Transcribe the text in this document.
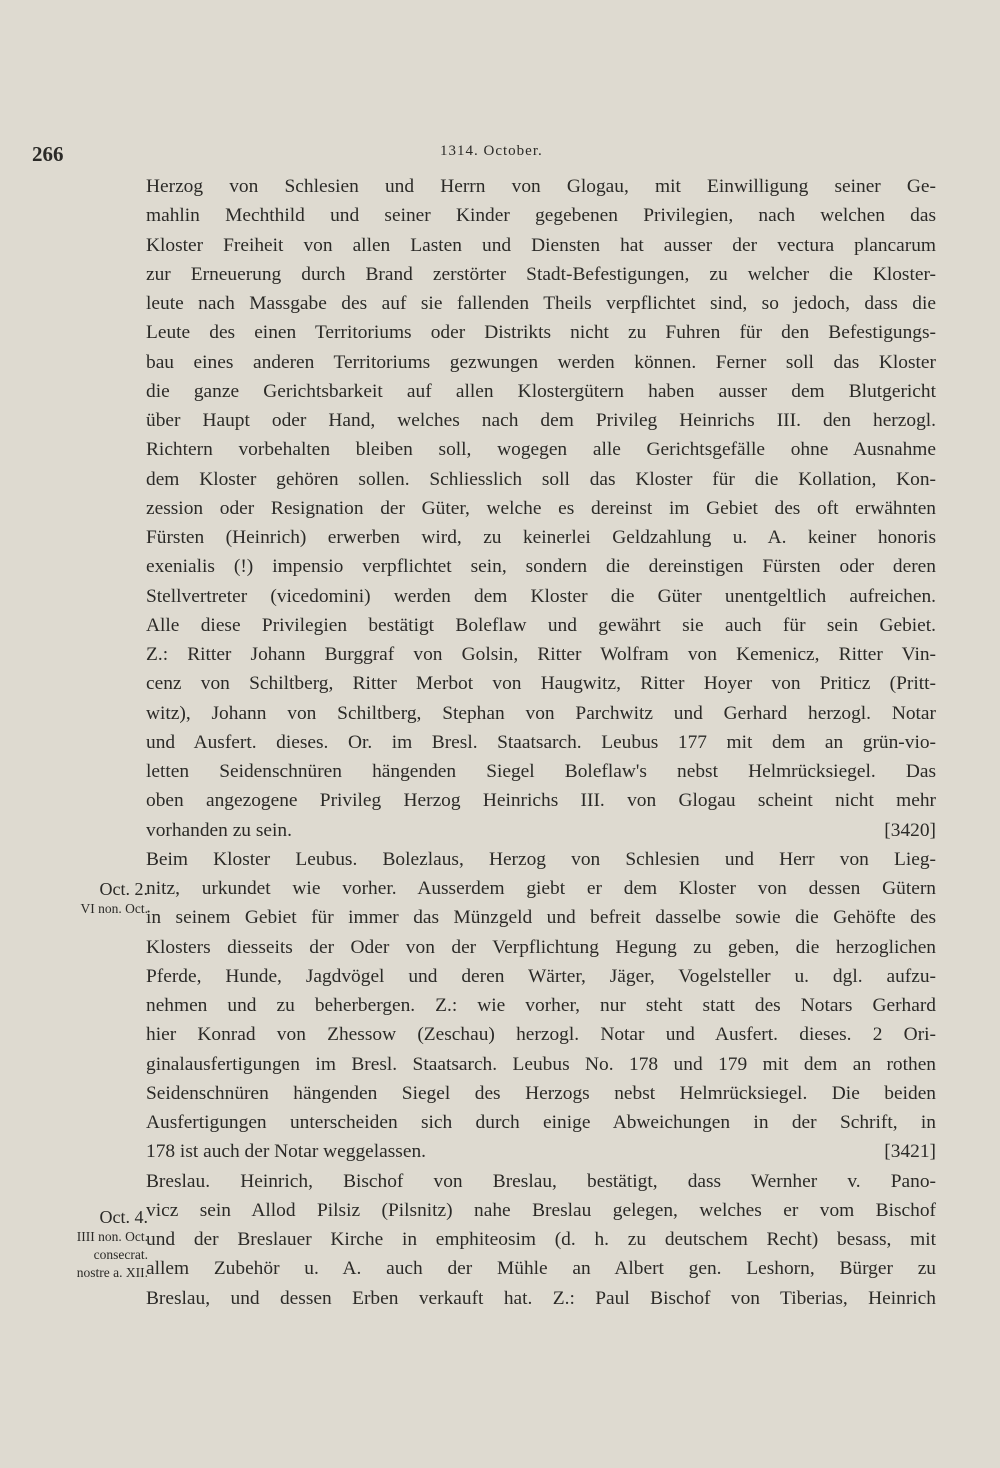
266	1314. October.
Oct. 2.
VI non. Oct.
Oct. 4.
IIII non. Oct.
consecrat.
nostre a. XII.
Herzog von Schlesien und Herrn von Glogau, mit Einwilligung seiner Ge-
mahlin Mechthild und seiner Kinder gegebenen Privilegien, nach welchen das
Kloster Freiheit von allen Lasten und Diensten hat ausser der vectura plancarum
zur Erneuerung durch Brand zerstörter Stadt-Befestigungen, zu welcher die Kloster-
leute nach Massgabe des auf sie fallenden Theils verpflichtet sind, so jedoch, dass die
Leute des einen Territoriums oder Distrikts nicht zu Fuhren für den Befestigungs-
bau eines anderen Territoriums gezwungen werden können. Ferner soll das Kloster
die ganze Gerichtsbarkeit auf allen Klostergütern haben ausser dem Blutgericht
über Haupt oder Hand, welches nach dem Privileg Heinrichs III. den herzogl.
Richtern vorbehalten bleiben soll, wogegen alle Gerichtsgefälle ohne Ausnahme
dem Kloster gehören sollen. Schliesslich soll das Kloster für die Kollation, Kon-
zession oder Resignation der Güter, welche es dereinst im Gebiet des oft erwähnten
Fürsten (Heinrich) erwerben wird, zu keinerlei Geldzahlung u. A. keiner honoris
exenialis (!) impensio verpflichtet sein, sondern die dereinstigen Fürsten oder deren
Stellvertreter (vicedomini) werden dem Kloster die Güter unentgeltlich aufreichen.
Alle diese Privilegien bestätigt Boleflaw und gewährt sie auch für sein Gebiet.
Z.: Ritter Johann Burggraf von Golsin, Ritter Wolfram von Kemenicz, Ritter Vin-
cenz von Schiltberg, Ritter Merbot von Haugwitz, Ritter Hoyer von Priticz (Pritt-
witz), Johann von Schiltberg, Stephan von Parchwitz und Gerhard herzogl. Notar
und Ausfert. dieses. Or. im Bresl. Staatsarch. Leubus 177 mit dem an grün-vio-
letten Seidenschnüren hängenden Siegel Boleflaw's nebst Helmrücksiegel. Das
oben angezogene Privileg Herzog Heinrichs III. von Glogau scheint nicht mehr
vorhanden zu sein.	[3420]
Beim Kloster Leubus. Bolezlaus, Herzog von Schlesien und Herr von Lieg-
nitz, urkundet wie vorher. Ausserdem giebt er dem Kloster von dessen Gütern
in seinem Gebiet für immer das Münzgeld und befreit dasselbe sowie die Gehöfte des
Klosters diesseits der Oder von der Verpflichtung Hegung zu geben, die herzoglichen
Pferde, Hunde, Jagdvögel und deren Wärter, Jäger, Vogelsteller u. dgl. aufzu-
nehmen und zu beherbergen. Z.: wie vorher, nur steht statt des Notars Gerhard
hier Konrad von Zhessow (Zeschau) herzogl. Notar und Ausfert. dieses. 2 Ori-
ginalausfertigungen im Bresl. Staatsarch. Leubus No. 178 und 179 mit dem an rothen
Seidenschnüren hängenden Siegel des Herzogs nebst Helmrücksiegel. Die beiden
Ausfertigungen unterscheiden sich durch einige Abweichungen in der Schrift, in
178 ist auch der Notar weggelassen.	[3421]
Breslau. Heinrich, Bischof von Breslau, bestätigt, dass Wernher v. Pano-
vicz sein Allod Pilsiz (Pilsnitz) nahe Breslau gelegen, welches er vom Bischof
und der Breslauer Kirche in emphiteosim (d. h. zu deutschem Recht) besass, mit
allem Zubehör u. A. auch der Mühle an Albert gen. Leshorn, Bürger zu
Breslau, und dessen Erben verkauft hat. Z.: Paul Bischof von Tiberias, Heinrich
